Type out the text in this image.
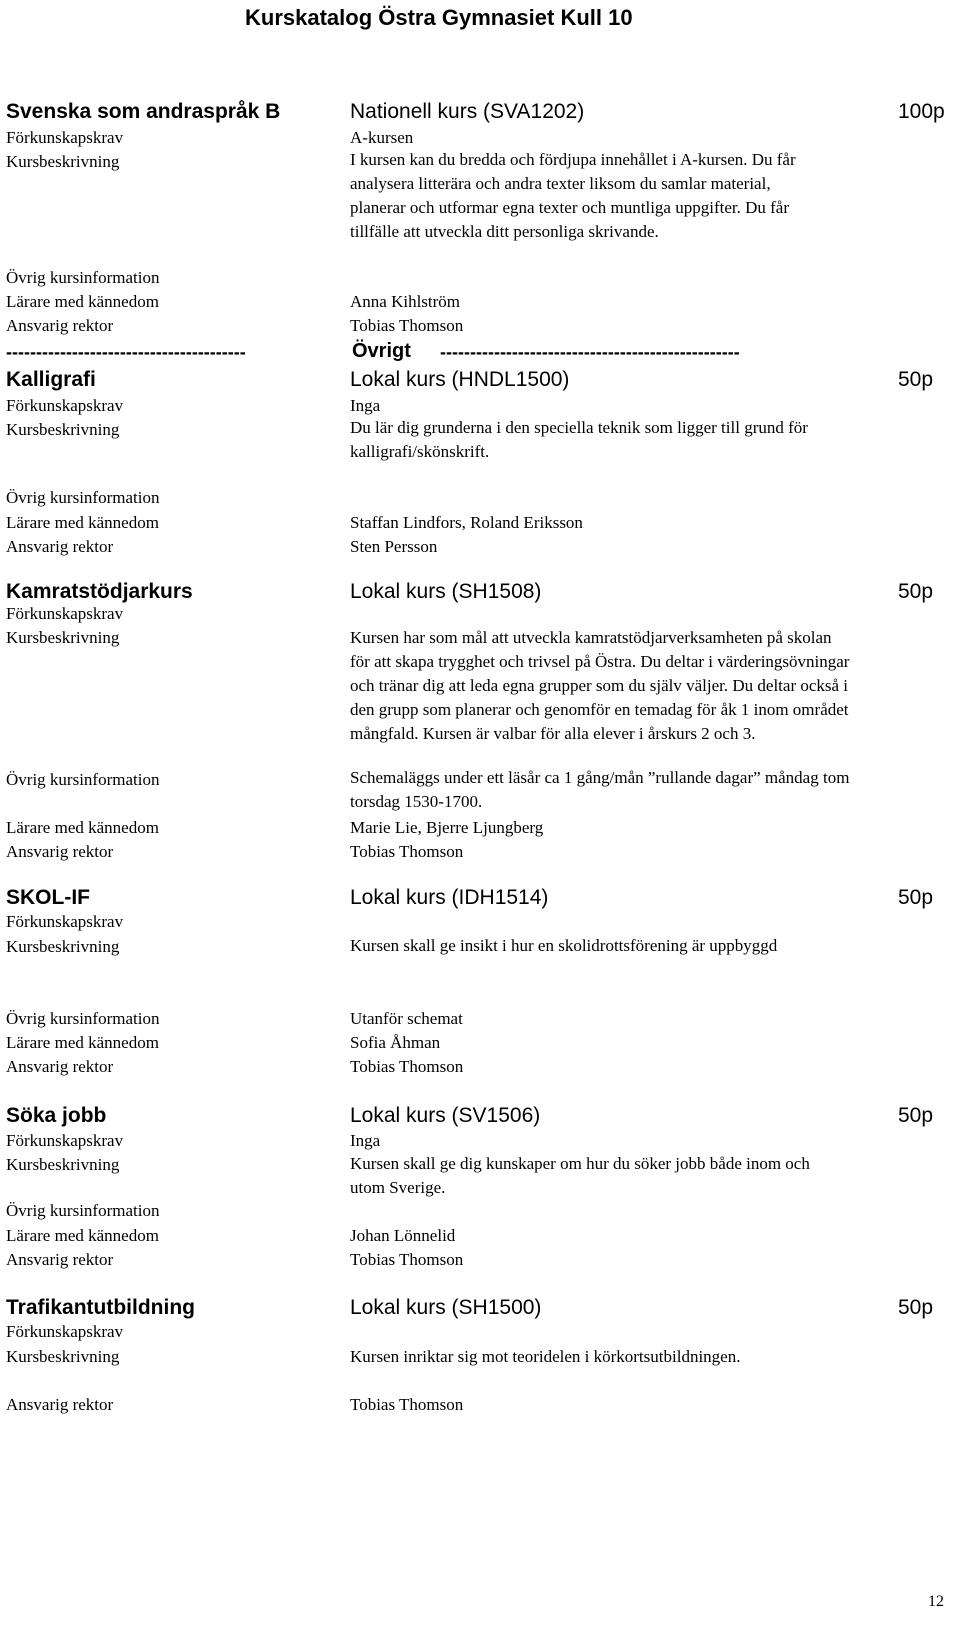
Kurskatalog Östra Gymnasiet Kull 10
Svenska som andraspråk B	Nationell kurs (SVA1202)	100p
Förkunskapskrav	A-kursen
Kursbeskrivning	I kursen kan du bredda och fördjupa innehållet i A-kursen. Du får analysera litterära och andra texter liksom du samlar material, planerar och utformar egna texter och muntliga uppgifter. Du får tillfälle att utveckla ditt personliga skrivande.
Övrig kursinformation
Lärare med kännedom	Anna Kihlström
Ansvarig rektor	Tobias Thomson
----------------------------------------	Övrigt --------------------------------------------------
Kalligrafi	Lokal kurs (HNDL1500)	50p
Förkunskapskrav	Inga
Kursbeskrivning	Du lär dig grunderna i den speciella teknik som ligger till grund för kalligrafi/skönskrift.
Övrig kursinformation
Lärare med kännedom	Staffan Lindfors, Roland Eriksson
Ansvarig rektor	Sten Persson
Kamratstödjarkurs	Lokal kurs (SH1508)	50p
Förkunskapskrav
Kursbeskrivning	Kursen har som mål att utveckla kamratstödjarverksamheten på skolan för att skapa trygghet och trivsel på Östra. Du deltar i värderingsövningar och tränar dig att leda egna grupper som du själv väljer. Du deltar också i den grupp som planerar och genomför en temadag för åk 1 inom området mångfald. Kursen är valbar för alla elever i årskurs 2 och 3.
Övrig kursinformation	Schemaläggs under ett läsår ca 1 gång/mån ”rullande dagar” måndag tom torsdag 1530-1700.
Lärare med kännedom	Marie Lie, Bjerre Ljungberg
Ansvarig rektor	Tobias Thomson
SKOL-IF	Lokal kurs (IDH1514)	50p
Förkunskapskrav
Kursbeskrivning	Kursen skall ge insikt i hur en skolidrottsförening är uppbyggd
Övrig kursinformation	Utanför schemat
Lärare med kännedom	Sofia Åhman
Ansvarig rektor	Tobias Thomson
Söka jobb	Lokal kurs (SV1506)	50p
Förkunskapskrav	Inga
Kursbeskrivning	Kursen skall ge dig kunskaper om hur du söker jobb både inom och utom Sverige.
Övrig kursinformation
Lärare med kännedom	Johan Lönnelid
Ansvarig rektor	Tobias Thomson
Trafikantutbildning	Lokal kurs (SH1500)	50p
Förkunskapskrav
Kursbeskrivning	Kursen inriktar sig mot teoridelen i körkortsutbildningen.
Ansvarig rektor	Tobias Thomson
12
